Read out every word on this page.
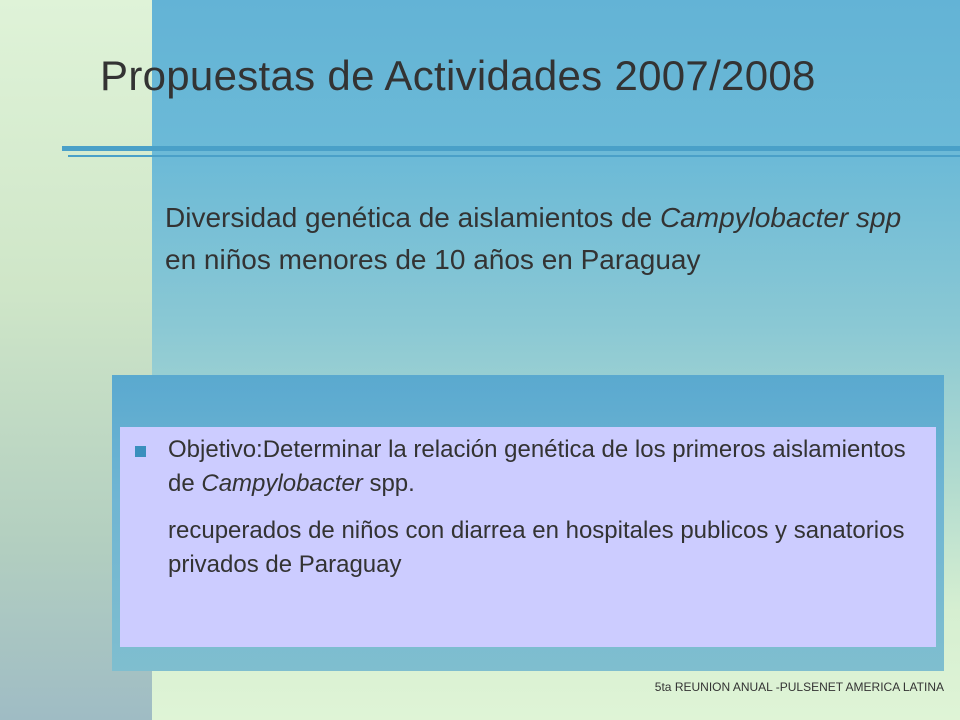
Propuestas de Actividades 2007/2008

Diversidad genética de aislamientos de Campylobacter spp en niños menores de 10 años en Paraguay

Objetivo:Determinar la relación genética de los primeros aislamientos de Campylobacter spp.

recuperados de niños con diarrea en hospitales publicos y sanatorios privados de Paraguay

5ta REUNION ANUAL -PULSENET AMERICA LATINA
